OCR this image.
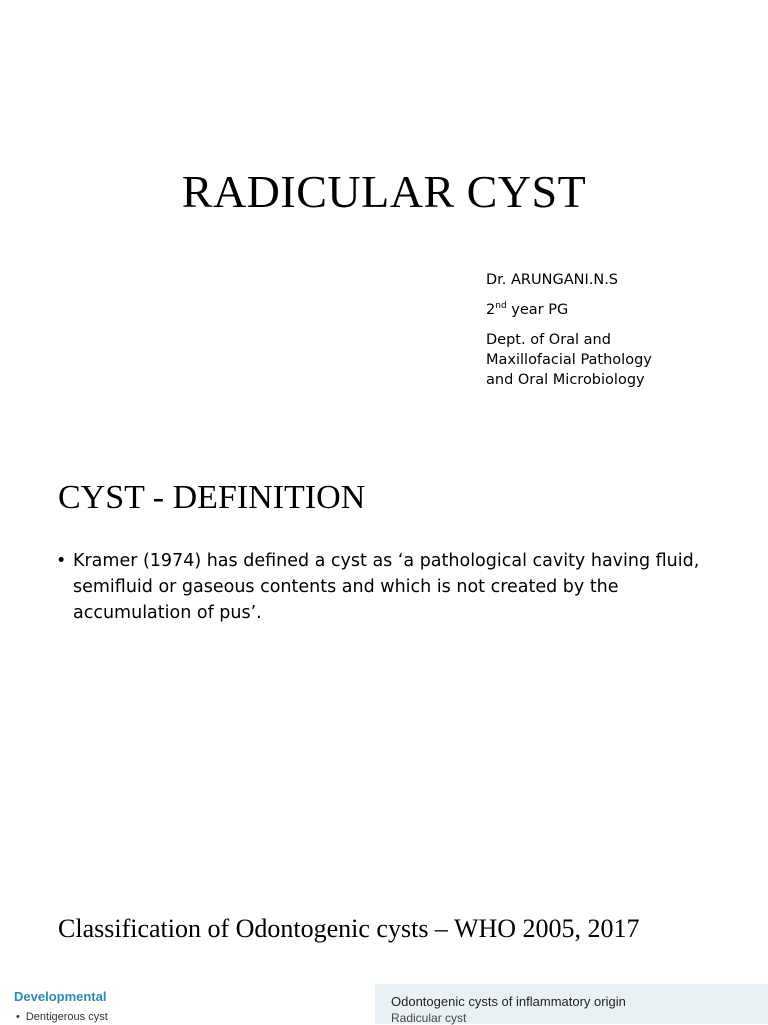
RADICULAR CYST
Dr. ARUNGANI.N.S
2nd year PG
Dept. of Oral and
Maxillofacial Pathology
and Oral Microbiology
CYST - DEFINITION
• Kramer (1974) has defined a cyst as ‘a pathological cavity having fluid, semifluid or gaseous contents and which is not created by the accumulation of pus’.
Classification of Odontogenic cysts – WHO 2005, 2017
Developmental
• Dentigerous cyst
Odontogenic cysts of inflammatory origin
Radicular cyst
